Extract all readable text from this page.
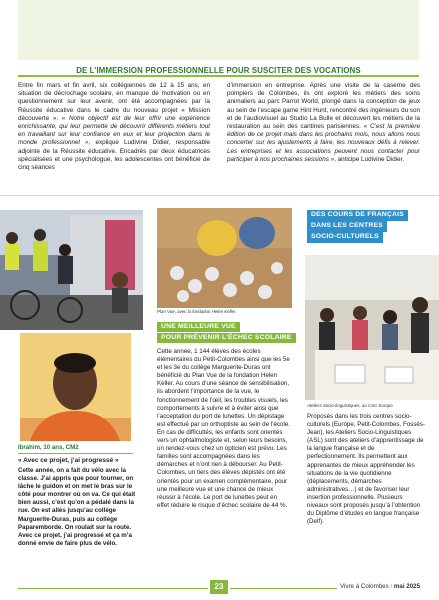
DE L’IMMERSION PROFESSIONNELLE POUR SUSCITER DES VOCATIONS
Entre fin mars et fin avril, six collégiennes de 12 à 15 ans, en situation de décrochage scolaire, en manque de motivation ou en questionnement sur leur avenir, ont été accompagnées par la Réussite éducative dans le cadre du nouveau projet « Mission découverte ». « Notre objectif est de leur offrir une expérience enrichissante, qui leur permette de découvrir différents métiers tout en travaillant sur leur confiance en eux et leur projection dans le monde professionnel », explique Ludivine Didier, responsable adjointe de la Réussite éducative. Encadrés par deux éducatrices spécialisées et une psychologue, les adolescentes ont bénéficié de cinq séances
d’immersion en entreprise. Après une visite de la caserne des pompiers de Colombes, ils ont exploré les métiers des soins animaliers au parc Parrot World, plongé dans la conception de jeux au sein de l’escape game Hint Hunt, rencontré des ingénieurs du son et de l’audiovisuel au Studio La Bulle et découvert les métiers de la restauration au sein des cantines parisiennes. « C’est la première édition de ce projet mais dans les prochains mois, nous allons nous concerter sur les ajustements à faire, les nouveaux défis à relever. Les entreprises et les associations peuvent nous contacter pour participer à nos prochaines sessions », anticipe Ludivine Didier.
Ibrahim, 10 ans, CM2
« Avec ce projet, j’ai progressé »
Cette année, on a fait du vélo avec la classe. J’ai appris que pour tourner, on lâche le guidon et on met le bras sur le côté pour montrer où on va. Ce qui était bien aussi, c’est qu’on a pédalé dans la rue. On est allés jusqu’au collège Marguerite-Duras, puis au collège Paparemborde. On roulait sur la route. Avec ce projet, j’ai progressé et ça m’a donné envie de faire plus de vélo.
Plan Vue, avec la fondation Helen Keller.
UNE MEILLEURE VUE
POUR PRÉVENIR L’ÉCHEC SCOLAIRE
Cette année, 1 144 élèves des écoles élémentaires du Petit-Colombes ainsi que les 5e et les 3e du collège Marguerite-Duras ont bénéficié du Plan Vue de la fondation Helen Keller. Au cours d’une séance de sensibilisation, ils abordent l’importance de la vue, le fonctionnement de l’œil, les troubles visuels, les comportements à suivre et à éviter ainsi que l’acceptation du port de lunettes. Un dépistage est effectué par un orthoptiste au sein de l’école. En cas de difficultés, les enfants sont orientés vers un ophtalmologiste et, selon leurs besoins, un rendez-vous chez un opticien est prévu. Les familles sont accompagnées dans les démarches et n’ont rien à débourser. Au Petit-Colombes, un tiers des élèves dépistés ont été orientés pour un examen complémentaire, pour une meilleure vue et une chance de mieux réussir à l’école. Le port de lunettes peut en effet réduire le risque d’échec scolaire de 44 %.
DES COURS DE FRANÇAIS
DANS LES CENTRES
SOCIO-CULTURELS
Ateliers Socio-linguistiques, au CSC Europe.
Proposés dans les trois centres socio-culturels (Europe, Petit-Colombes, Fossés-Jean), les Ateliers Socio-Linguistiques (ASL) sont des ateliers d’apprentissage de la langue française et de perfectionnement. Ils permettent aux apprenantes de mieux appréhender les situations de la vie quotidienne (déplacements, démarches administratives…) et de favoriser leur insertion professionnelle. Plusieurs niveaux sont proposés jusqu’à l’obtention du Diplôme d’études en langue française (Delf).
23	Vivre à Colombes / mai 2025
